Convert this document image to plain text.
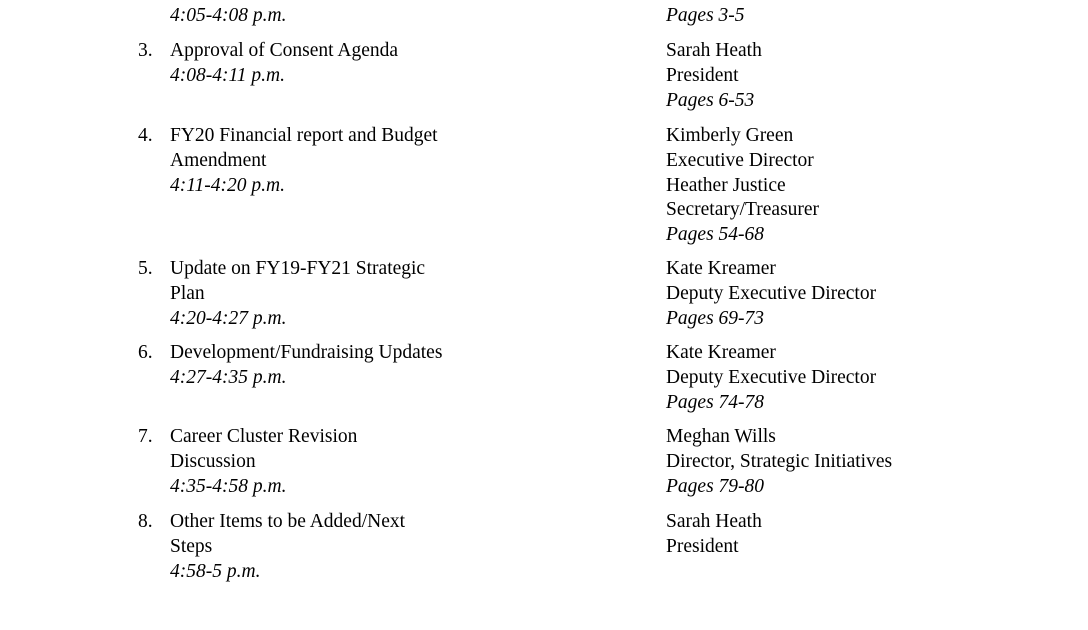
4:05-4:08 p.m.	Pages 3-5
3. Approval of Consent Agenda
4:08-4:11 p.m.
Sarah Heath
President
Pages 6-53
4. FY20 Financial report and Budget
Amendment
4:11-4:20 p.m.
Kimberly Green
Executive Director
Heather Justice
Secretary/Treasurer
Pages 54-68
5. Update on FY19-FY21 Strategic
Plan
4:20-4:27 p.m.
Kate Kreamer
Deputy Executive Director
Pages 69-73
6. Development/Fundraising Updates
4:27-4:35 p.m.
Kate Kreamer
Deputy Executive Director
Pages 74-78
7. Career Cluster Revision
Discussion
4:35-4:58 p.m.
Meghan Wills
Director, Strategic Initiatives
Pages 79-80
8. Other Items to be Added/Next
Steps
4:58-5 p.m.
Sarah Heath
President
